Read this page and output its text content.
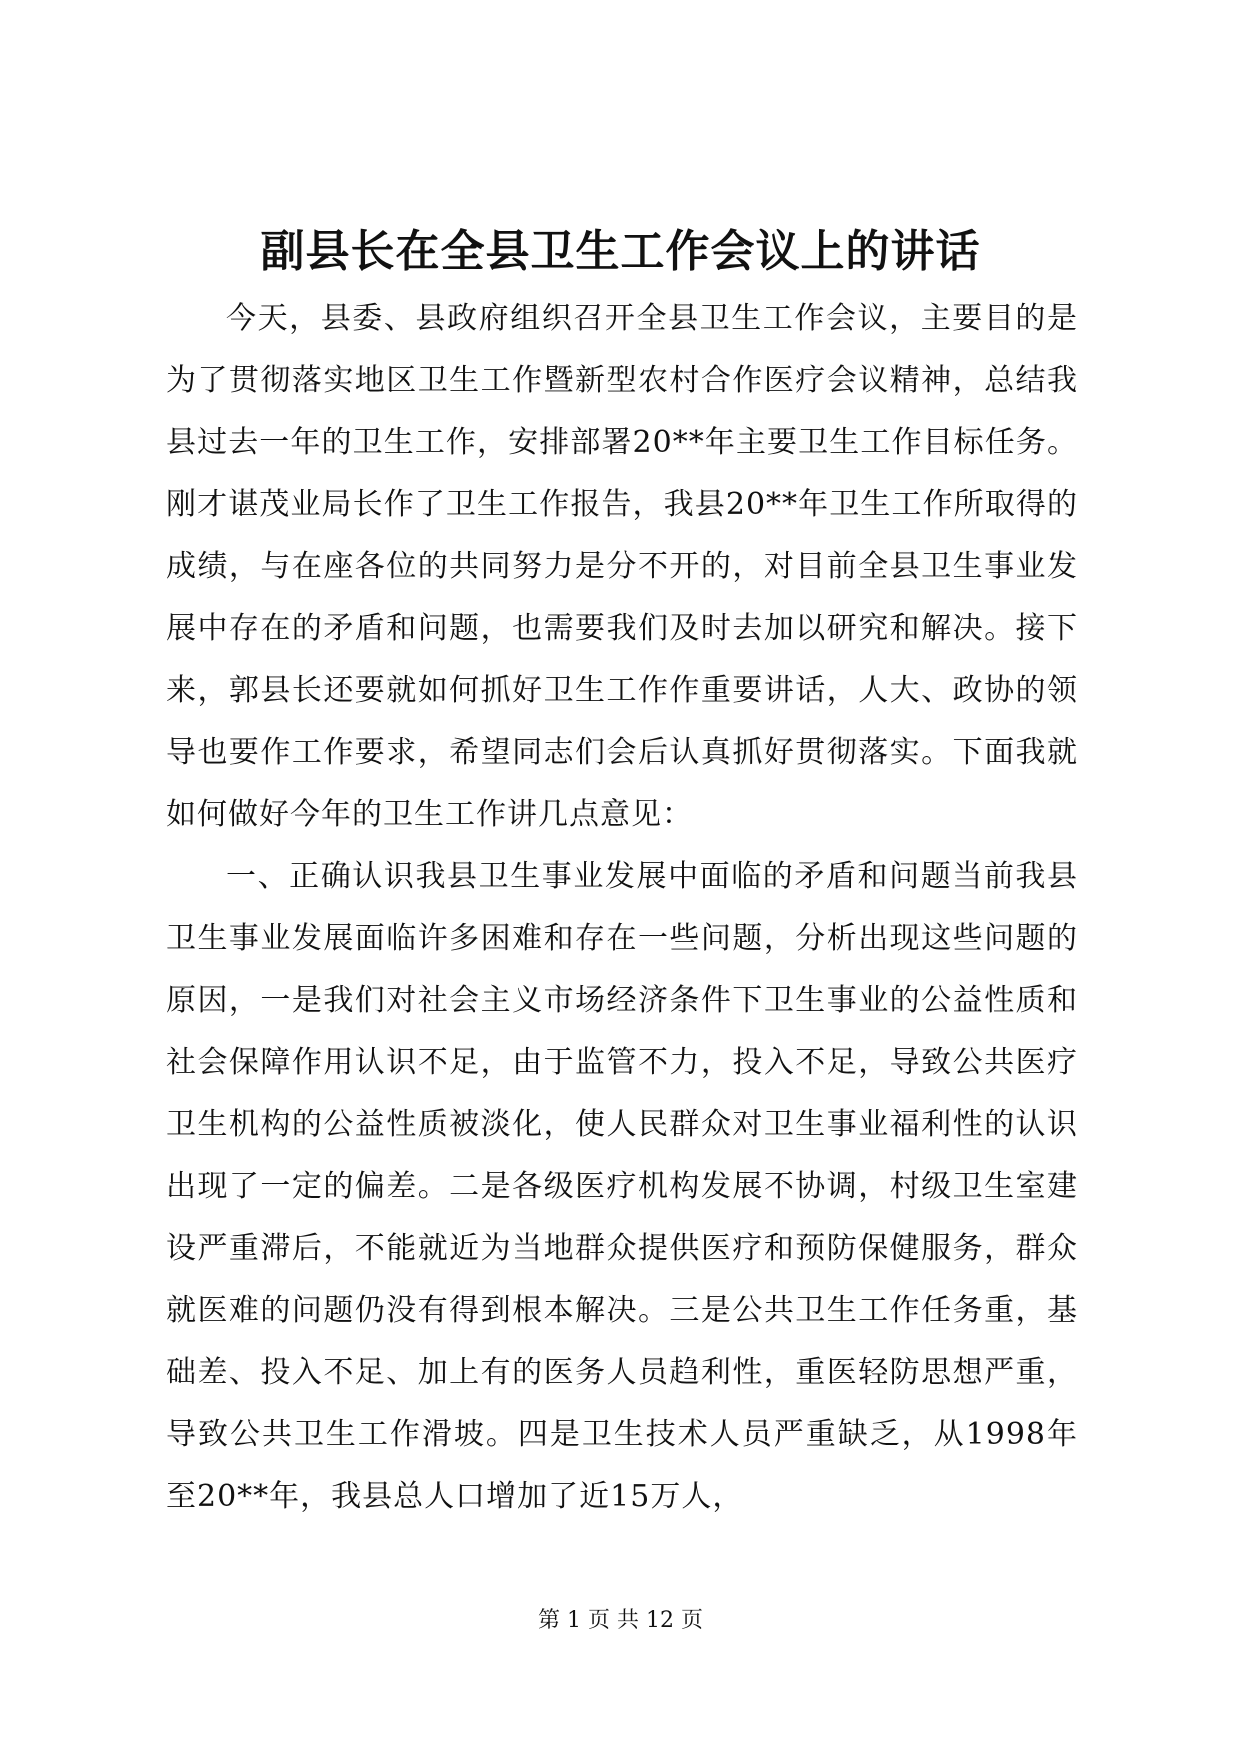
副县长在全县卫生工作会议上的讲话

今天，县委、县政府组织召开全县卫生工作会议，主要目的是为了贯彻落实地区卫生工作暨新型农村合作医疗会议精神，总结我县过去一年的卫生工作，安排部署20**年主要卫生工作目标任务。刚才谌茂业局长作了卫生工作报告，我县20**年卫生工作所取得的成绩，与在座各位的共同努力是分不开的，对目前全县卫生事业发展中存在的矛盾和问题，也需要我们及时去加以研究和解决。接下来，郭县长还要就如何抓好卫生工作作重要讲话，人大、政协的领导也要作工作要求，希望同志们会后认真抓好贯彻落实。下面我就如何做好今年的卫生工作讲几点意见：

一、正确认识我县卫生事业发展中面临的矛盾和问题当前我县卫生事业发展面临许多困难和存在一些问题，分析出现这些问题的原因，一是我们对社会主义市场经济条件下卫生事业的公益性质和社会保障作用认识不足，由于监管不力，投入不足，导致公共医疗卫生机构的公益性质被淡化，使人民群众对卫生事业福利性的认识出现了一定的偏差。二是各级医疗机构发展不协调，村级卫生室建设严重滞后，不能就近为当地群众提供医疗和预防保健服务，群众就医难的问题仍没有得到根本解决。三是公共卫生工作任务重，基础差、投入不足、加上有的医务人员趋利性，重医轻防思想严重，导致公共卫生工作滑坡。四是卫生技术人员严重缺乏，从1998年至20**年，我县总人口增加了近15万人，

第 1 页 共 12 页
